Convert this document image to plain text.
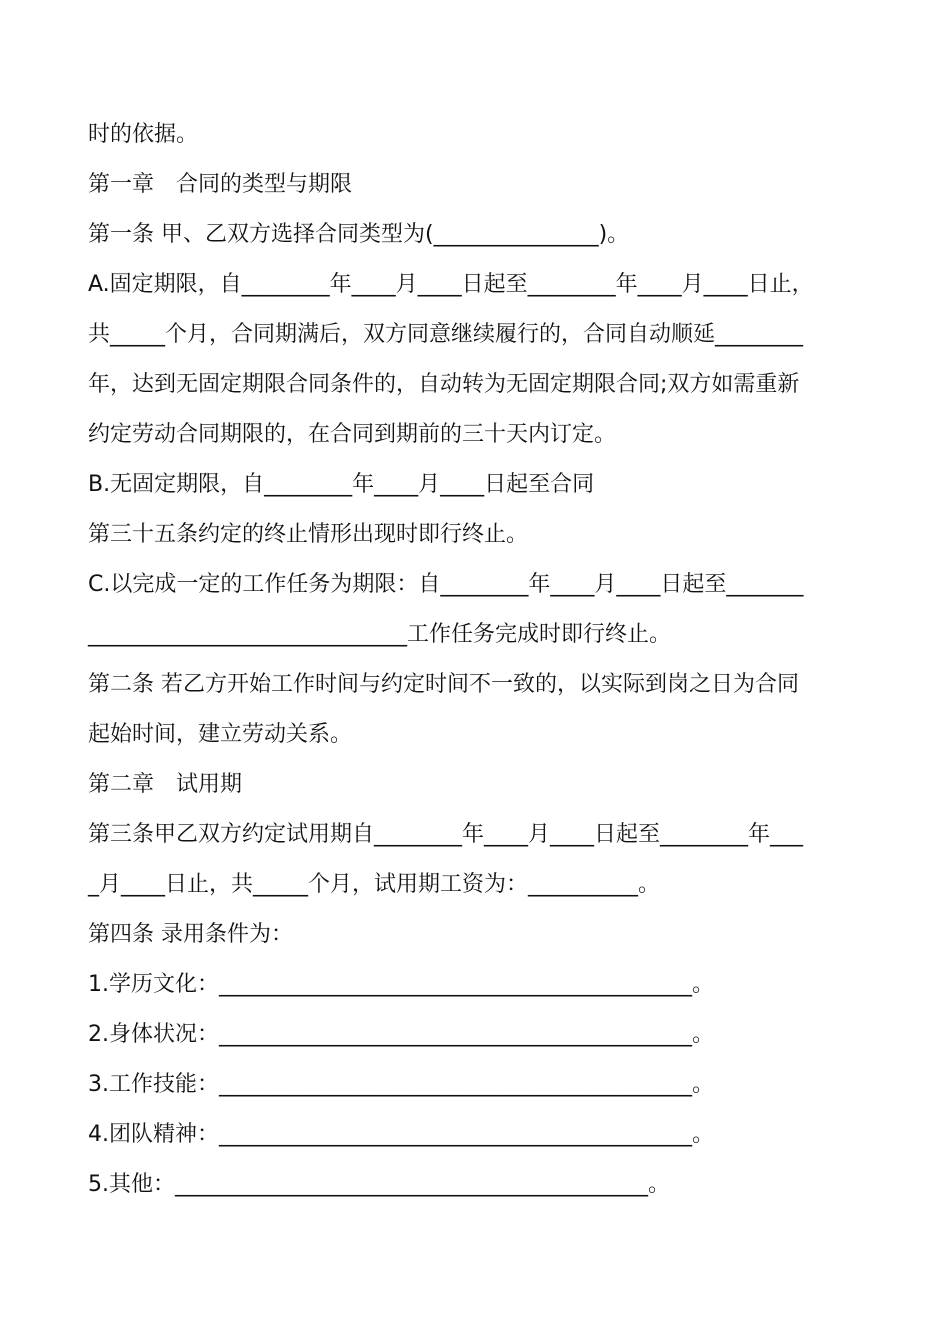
时的依据。
第一章　合同的类型与期限
第一条 甲、乙双方选择合同类型为(_______________)。
A.固定期限，自________年____月____日起至________年____月____日止，
共_____个月，合同期满后，双方同意继续履行的，合同自动顺延________
年，达到无固定期限合同条件的，自动转为无固定期限合同;双方如需重新
约定劳动合同期限的，在合同到期前的三十天内订定。
B.无固定期限，自________年____月____日起至合同
第三十五条约定的终止情形出现时即行终止。
C.以完成一定的工作任务为期限：自________年____月____日起至_______
_____________________________工作任务完成时即行终止。
第二条 若乙方开始工作时间与约定时间不一致的，以实际到岗之日为合同
起始时间，建立劳动关系。
第二章　试用期
第三条甲乙双方约定试用期自________年____月____日起至________年___
_月____日止，共_____个月，试用期工资为：__________。
第四条 录用条件为：
1.学历文化：___________________________________________。
2.身体状况：___________________________________________。
3.工作技能：___________________________________________。
4.团队精神：___________________________________________。
5.其他：___________________________________________。
